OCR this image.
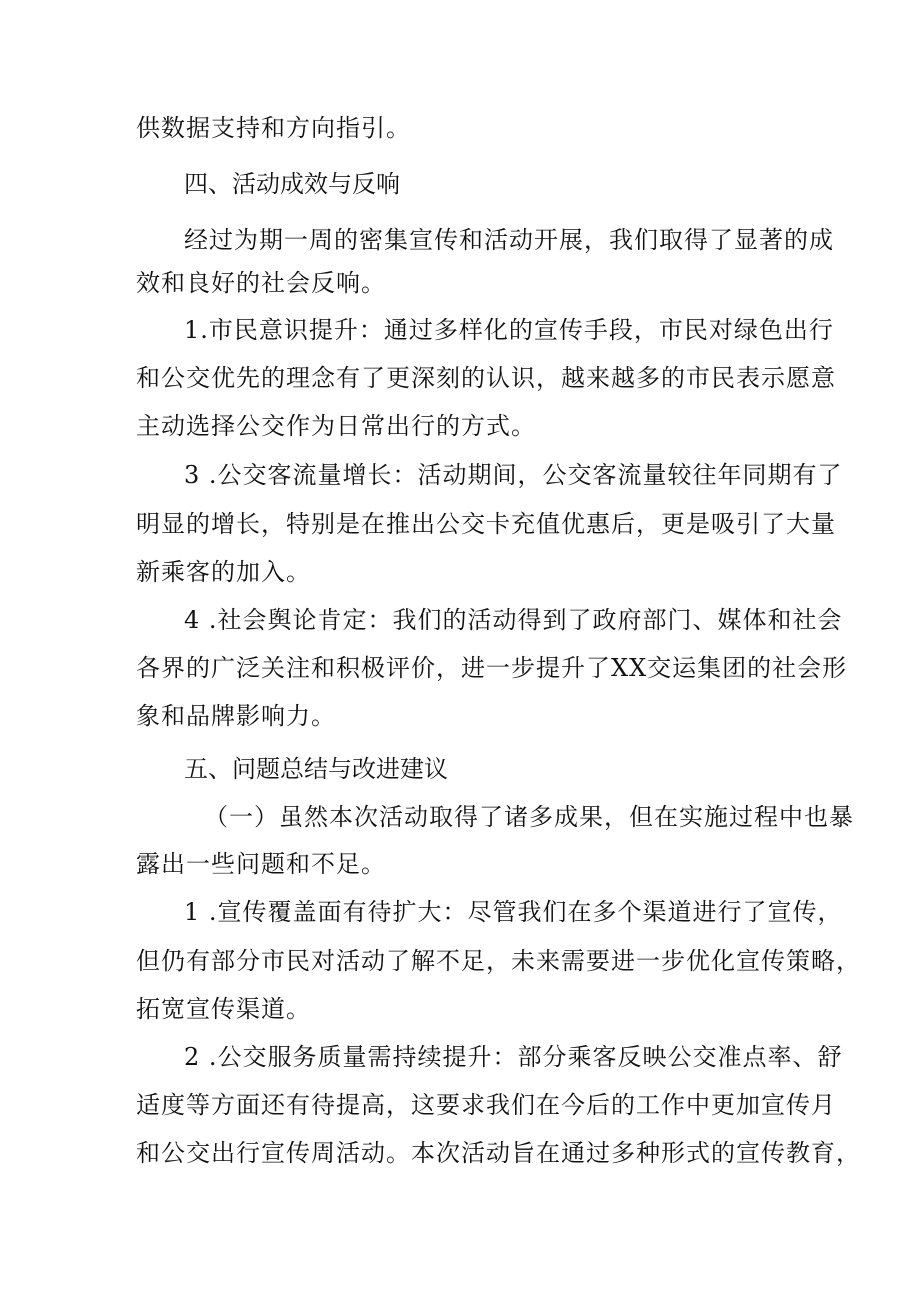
供数据支持和方向指引。
四、活动成效与反响
经过为期一周的密集宣传和活动开展，我们取得了显著的成
效和良好的社会反响。
1.市民意识提升：通过多样化的宣传手段，市民对绿色出行
和公交优先的理念有了更深刻的认识，越来越多的市民表示愿意
主动选择公交作为日常出行的方式。
3 .公交客流量增长：活动期间，公交客流量较往年同期有了
明显的增长，特别是在推出公交卡充值优惠后，更是吸引了大量
新乘客的加入。
4 .社会舆论肯定：我们的活动得到了政府部门、媒体和社会
各界的广泛关注和积极评价，进一步提升了XX交运集团的社会形
象和品牌影响力。
五、问题总结与改进建议
（一）虽然本次活动取得了诸多成果，但在实施过程中也暴
露出一些问题和不足。
1 .宣传覆盖面有待扩大：尽管我们在多个渠道进行了宣传，
但仍有部分市民对活动了解不足，未来需要进一步优化宣传策略，
拓宽宣传渠道。
2 .公交服务质量需持续提升：部分乘客反映公交准点率、舒
适度等方面还有待提高，这要求我们在今后的工作中更加宣传月
和公交出行宣传周活动。本次活动旨在通过多种形式的宣传教育，
